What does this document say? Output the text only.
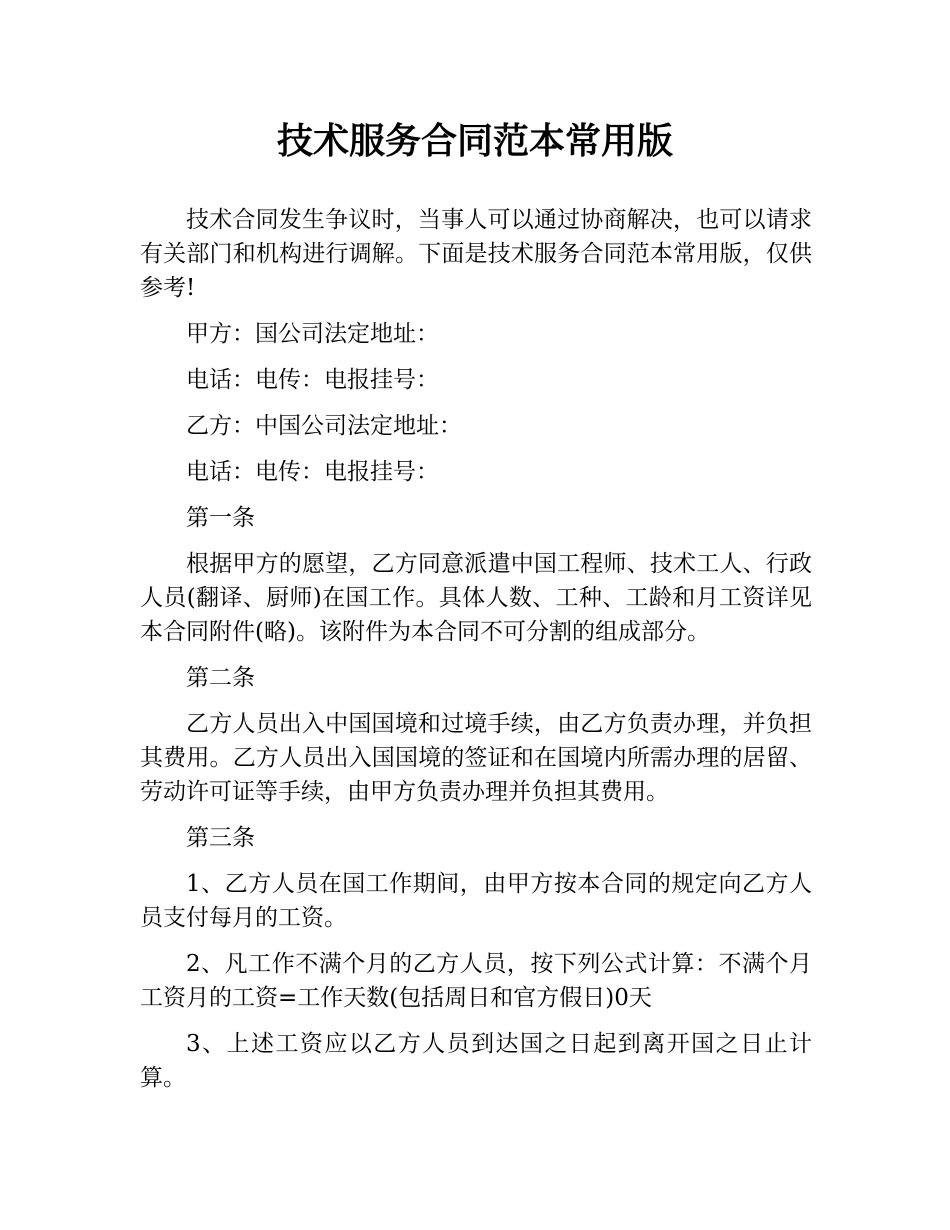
技术服务合同范本常用版

技术合同发生争议时，当事人可以通过协商解决，也可以请求有关部门和机构进行调解。下面是技术服务合同范本常用版，仅供参考!

甲方：国公司法定地址：

电话：电传：电报挂号：

乙方：中国公司法定地址：

电话：电传：电报挂号：

第一条

根据甲方的愿望，乙方同意派遣中国工程师、技术工人、行政人员(翻译、厨师)在国工作。具体人数、工种、工龄和月工资详见本合同附件(略)。该附件为本合同不可分割的组成部分。

第二条

乙方人员出入中国国境和过境手续，由乙方负责办理，并负担其费用。乙方人员出入国国境的签证和在国境内所需办理的居留、劳动许可证等手续，由甲方负责办理并负担其费用。

第三条

1、乙方人员在国工作期间，由甲方按本合同的规定向乙方人员支付每月的工资。

2、凡工作不满个月的乙方人员，按下列公式计算：不满个月工资月的工资=工作天数(包括周日和官方假日)0天

3、上述工资应以乙方人员到达国之日起到离开国之日止计算。
